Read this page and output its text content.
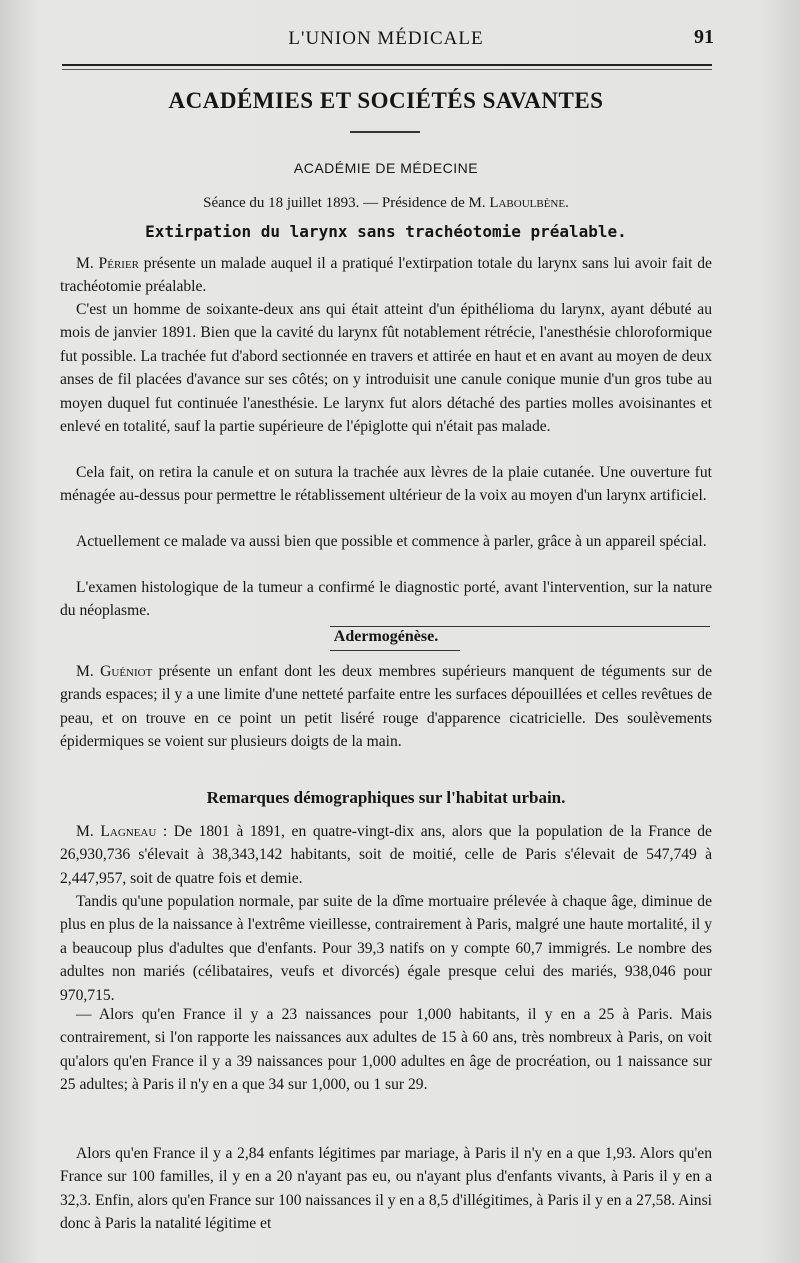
L'UNION MÉDICALE	91
ACADÉMIES ET SOCIÉTÉS SAVANTES
ACADÉMIE DE MÉDECINE
Séance du 18 juillet 1893. — Présidence de M. Laboulbène.
Extirpation du larynx sans trachéotomie préalable.

M. Périer présente un malade auquel il a pratiqué l'extirpation totale du larynx sans lui avoir fait de trachéotomie préalable.

C'est un homme de soixante-deux ans qui était atteint d'un épithélioma du larynx, ayant débuté au mois de janvier 1891. Bien que la cavité du larynx fût notablement rétrécie, l'anesthésie chloroformique fut possible. La trachée fut d'abord sectionnée en travers et attirée en haut et en avant au moyen de deux anses de fil placées d'avance sur ses côtés; on y introduisit une canule conique munie d'un gros tube au moyen duquel fut continuée l'anesthésie. Le larynx fut alors détaché des parties molles avoisinantes et enlevé en totalité, sauf la partie supérieure de l'épiglotte qui n'était pas malade.

Cela fait, on retira la canule et on sutura la trachée aux lèvres de la plaie cutanée. Une ouverture fut ménagée au-dessus pour permettre le rétablissement ultérieur de la voix au moyen d'un larynx artificiel.

Actuellement ce malade va aussi bien que possible et commence à parler, grâce à un appareil spécial.

L'examen histologique de la tumeur a confirmé le diagnostic porté, avant l'intervention, sur la nature du néoplasme.

Adermogénèse.

M. Guéniot présente un enfant dont les deux membres supérieurs manquent de téguments sur de grands espaces; il y a une limite d'une netteté parfaite entre les surfaces dépouillées et celles revêtues de peau, et on trouve en ce point un petit liséré rouge d'apparence cicatricielle. Des soulèvements épidermiques se voient sur plusieurs doigts de la main.

Remarques démographiques sur l'habitat urbain.

M. Lagneau : De 1801 à 1891, en quatre-vingt-dix ans, alors que la population de la France de 26,930,736 s'élevait à 38,343,142 habitants, soit de moitié, celle de Paris s'élevait de 547,749 à 2,447,957, soit de quatre fois et demie.

Tandis qu'une population normale, par suite de la dîme mortuaire prélevée à chaque âge, diminue de plus en plus de la naissance à l'extrême vieillesse, contrairement à Paris, malgré une haute mortalité, il y a beaucoup plus d'adultes que d'enfants. Pour 39,3 natifs on y compte 60,7 immigrés. Le nombre des adultes non mariés (célibataires, veufs et divorcés) égale presque celui des mariés, 938,046 pour 970,715.

— Alors qu'en France il y a 23 naissances pour 1,000 habitants, il y en a 25 à Paris. Mais contrairement, si l'on rapporte les naissances aux adultes de 15 à 60 ans, très nombreux à Paris, on voit qu'alors qu'en France il y a 39 naissances pour 1,000 adultes en âge de procréation, ou 1 naissance sur 25 adultes; à Paris il n'y en a que 34 sur 1,000, ou 1 sur 29.

Alors qu'en France il y a 2,84 enfants légitimes par mariage, à Paris il n'y en a que 1,93. Alors qu'en France sur 100 familles, il y en a 20 n'ayant pas eu, ou n'ayant plus d'enfants vivants, à Paris il y en a 32,3. Enfin, alors qu'en France sur 100 naissances il y en a 8,5 d'illégitimes, à Paris il y en a 27,58. Ainsi donc à Paris la natalité légitime et
